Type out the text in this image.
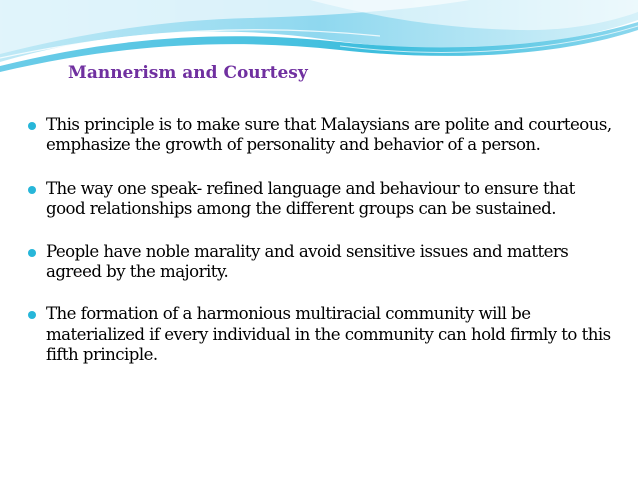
Mannerism and Courtesy
This principle is to make sure that Malaysians are polite and courteous, emphasize the growth of personality and behavior of a person.
The way one speak- refined language and behaviour to ensure that good relationships among the different groups can be sustained.
People have noble marality and avoid sensitive issues and matters agreed by the majority.
The formation of a harmonious multiracial community will be materialized if every individual in the community can hold firmly to this fifth principle.
